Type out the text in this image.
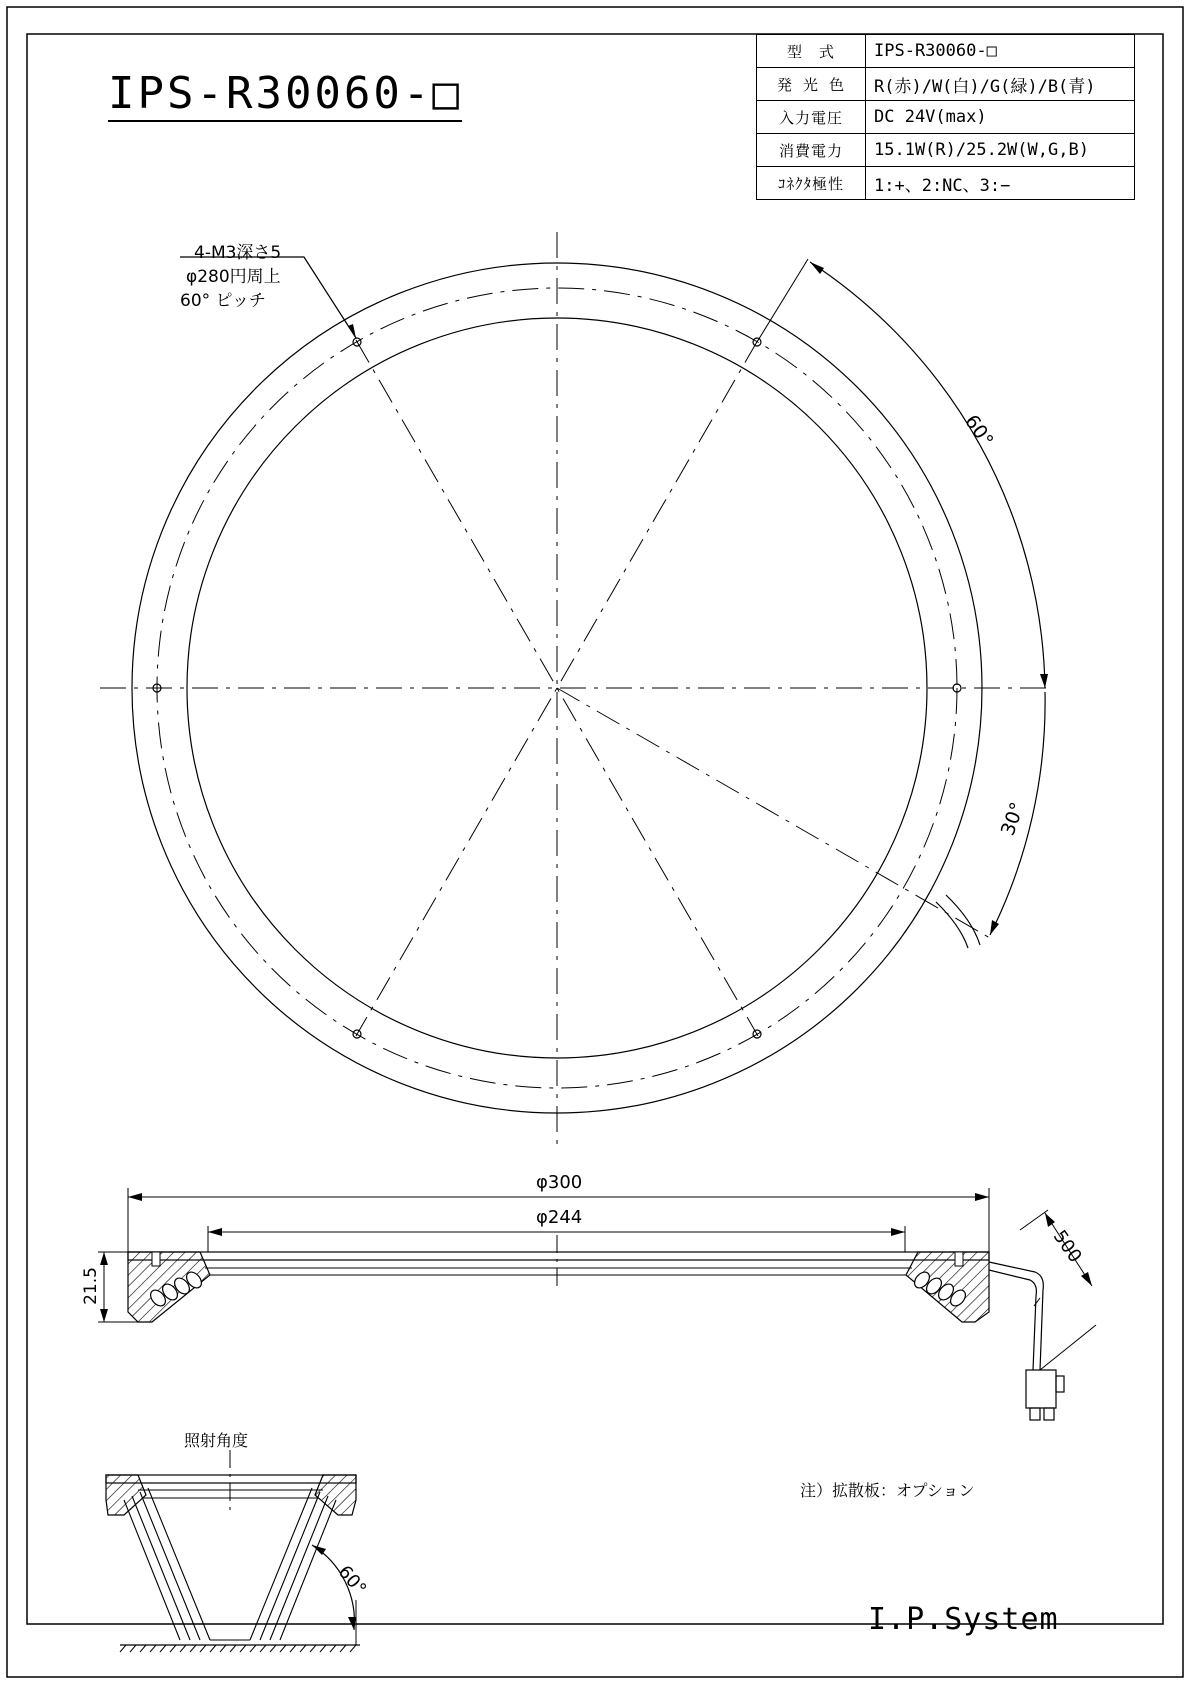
IPS-R30060-□
型　式	IPS-R30060-□
発 光 色	R(赤)/W(白)/G(緑)/B(青)
入力電圧	DC 24V(max)
消費電力	15.1W(R)/25.2W(W,G,B)
ｺﾈｸﾀ極性	1:+、2:NC、3:−
4-M3深さ5
φ280円周上
60° ピッチ
60°
30°
φ300
φ244
21.5
500
照射角度
60°
注）拡散板：オプション
I.P.System
